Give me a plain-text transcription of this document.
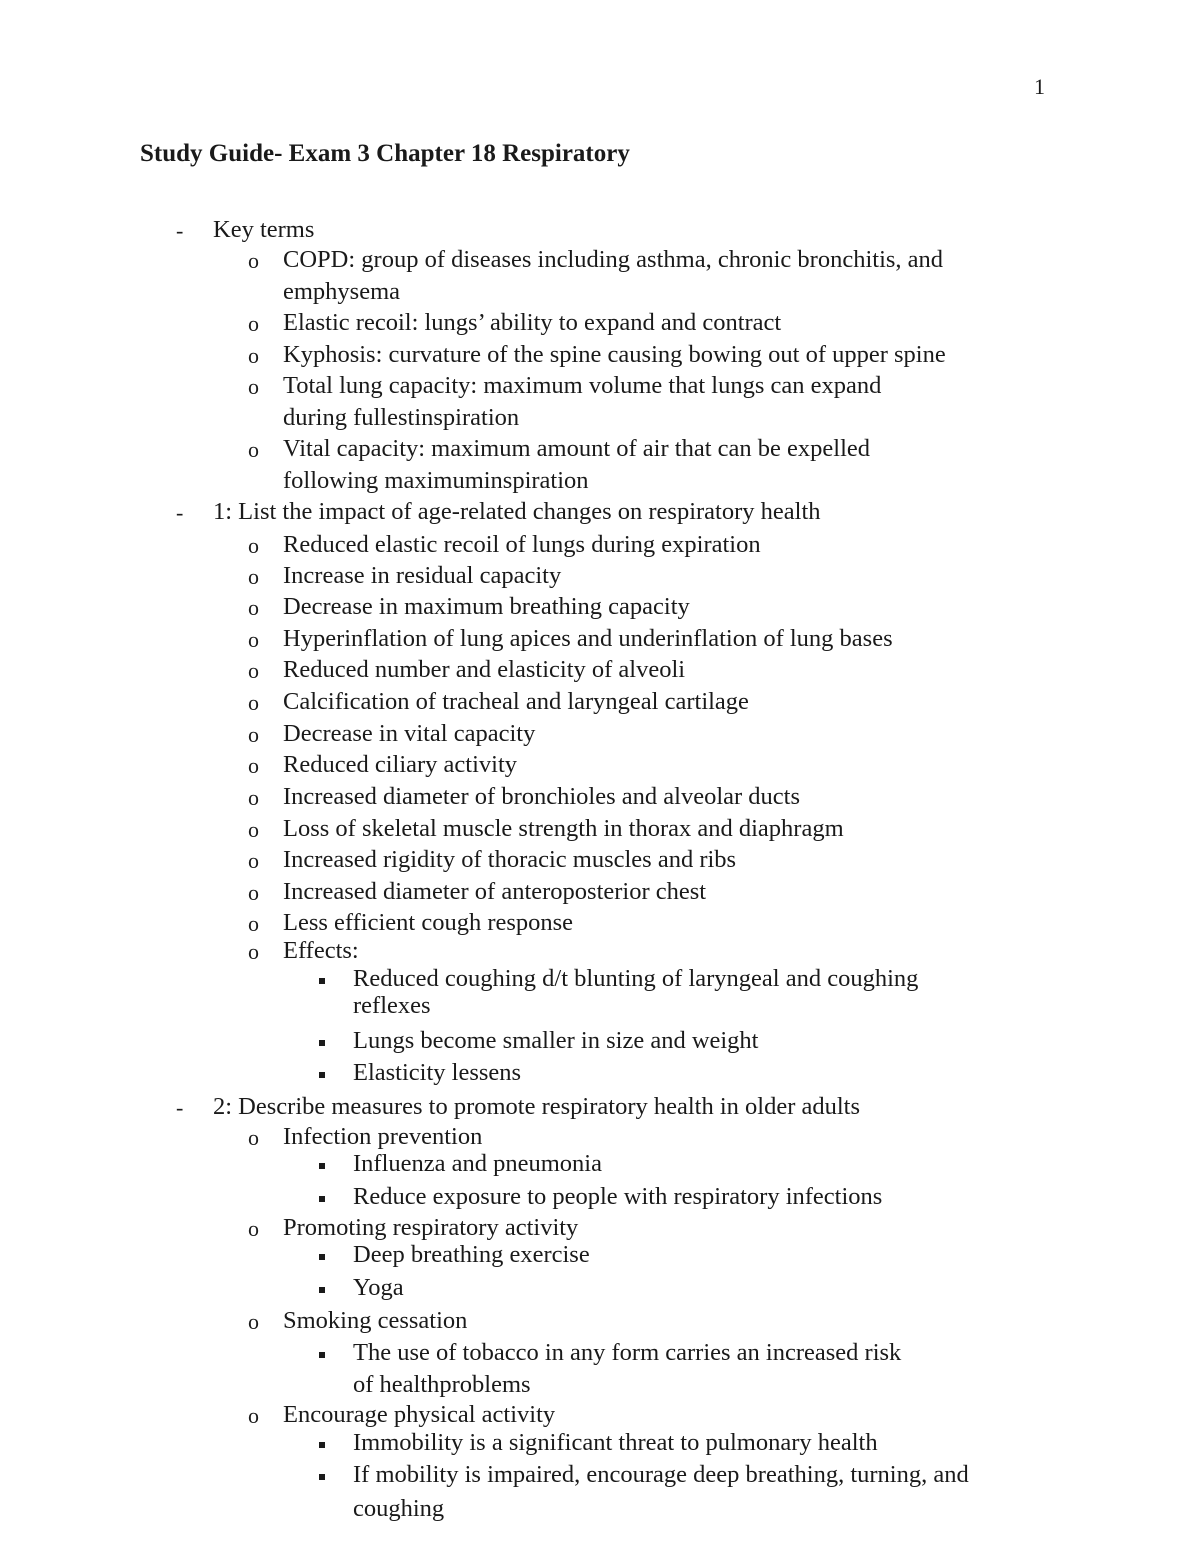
1
Study Guide- Exam 3 Chapter 18 Respiratory
- Key terms
o COPD: group of diseases including asthma, chronic bronchitis, and
emphysema
o Elastic recoil: lungs’ ability to expand and contract
o Kyphosis: curvature of the spine causing bowing out of upper spine
o Total lung capacity: maximum volume that lungs can expand
during fullestinspiration
o Vital capacity: maximum amount of air that can be expelled
following maximuminspiration
- 1: List the impact of age-related changes on respiratory health
o Reduced elastic recoil of lungs during expiration
o Increase in residual capacity
o Decrease in maximum breathing capacity
o Hyperinflation of lung apices and underinflation of lung bases
o Reduced number and elasticity of alveoli
o Calcification of tracheal and laryngeal cartilage
o Decrease in vital capacity
o Reduced ciliary activity
o Increased diameter of bronchioles and alveolar ducts
o Loss of skeletal muscle strength in thorax and diaphragm
o Increased rigidity of thoracic muscles and ribs
o Increased diameter of anteroposterior chest
o Less efficient cough response
o Effects:
Reduced coughing d/t blunting of laryngeal and coughing
reflexes
Lungs become smaller in size and weight
Elasticity lessens
- 2: Describe measures to promote respiratory health in older adults
o Infection prevention
Influenza and pneumonia
Reduce exposure to people with respiratory infections
o Promoting respiratory activity
Deep breathing exercise
Yoga
o Smoking cessation
The use of tobacco in any form carries an increased risk
of healthproblems
o Encourage physical activity
Immobility is a significant threat to pulmonary health
If mobility is impaired, encourage deep breathing, turning, and
coughing
